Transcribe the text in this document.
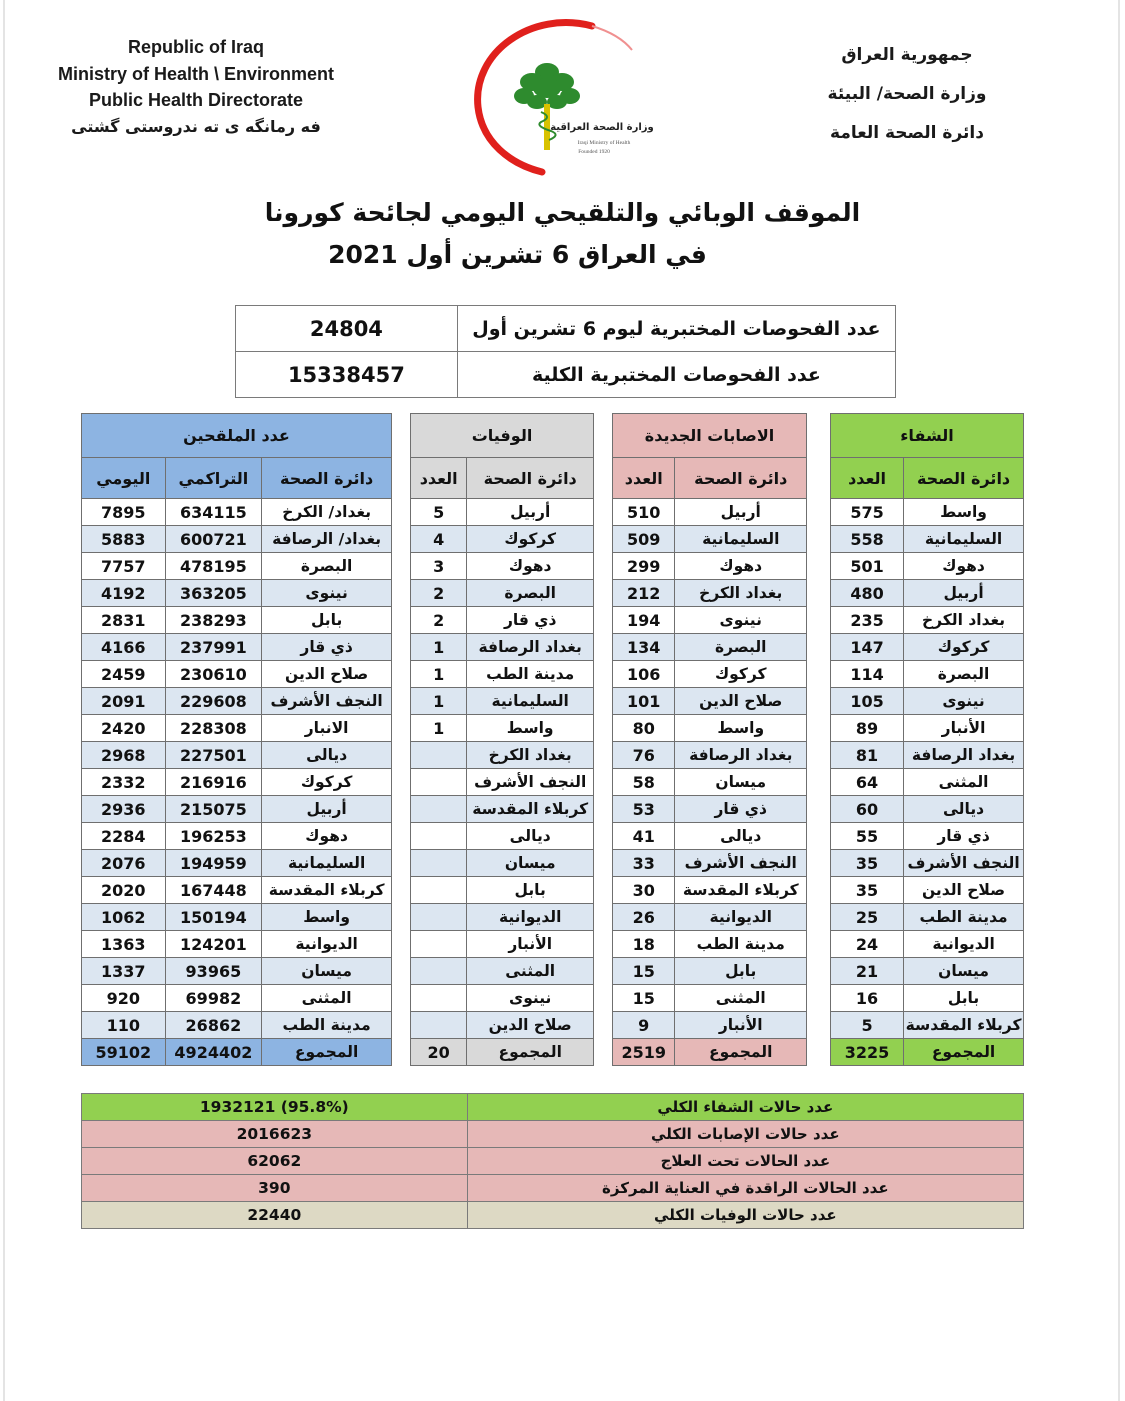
Republic of Iraq
Ministry of Health \ Environment
Public Health Directorate
فه رمانگه ى ته ندروستى گشتى	وزارة الصحة العراقية
Iraqi Ministry of Health
Founded 1920
جمهورية العراق
وزارة الصحة/ البيئة
دائرة الصحة العامة
الموقف الوبائي والتلقيحي اليومي لجائحة كورونا
في العراق 6 تشرين أول 2021
عدد الفحوصات المختبرية ليوم 6 تشرين أول	24804
عدد الفحوصات المختبرية الكلية	15338457
الشفاء	
دائرة الصحة	العدد
واسط	575
السليمانية	558
دهوك	501
أربيل	480
بغداد الكرخ	235
كركوك	147
البصرة	114
نينوى	105
الأنبار	89
بغداد الرصافة	81
المثنى	64
ديالى	60
ذي قار	55
النجف الأشرف	35
صلاح الدين	35
مدينة الطب	25
الديوانية	24
ميسان	21
بابل	16
كربلاء المقدسة	5
المجموع	3225
الاصابات الجديدة	
دائرة الصحة	العدد
أربيل	510
السليمانية	509
دهوك	299
بغداد الكرخ	212
نينوى	194
البصرة	134
كركوك	106
صلاح الدين	101
واسط	80
بغداد الرصافة	76
ميسان	58
ذي قار	53
ديالى	41
النجف الأشرف	33
كربلاء المقدسة	30
الديوانية	26
مدينة الطب	18
بابل	15
المثنى	15
الأنبار	9
المجموع	2519
الوفيات	
دائرة الصحة	العدد
أربيل	5
كركوك	4
دهوك	3
البصرة	2
ذي قار	2
بغداد الرصافة	1
مدينة الطب	1
السليمانية	1
واسط	1
بغداد الكرخ	
النجف الأشرف	
كربلاء المقدسة	
ديالى	
ميسان	
بابل	
الديوانية	
الأنبار	
المثنى	
نينوى	
صلاح الدين	
المجموع	20
عدد الملقحين		
دائرة الصحة	التراكمي	اليومي
بغداد/ الكرخ	634115	7895
بغداد/ الرصافة	600721	5883
البصرة	478195	7757
نينوى	363205	4192
بابل	238293	2831
ذي قار	237991	4166
صلاح الدين	230610	2459
النجف الأشرف	229608	2091
الانبار	228308	2420
ديالى	227501	2968
كركوك	216916	2332
أربيل	215075	2936
دهوك	196253	2284
السليمانية	194959	2076
كربلاء المقدسة	167448	2020
واسط	150194	1062
الديوانية	124201	1363
ميسان	93965	1337
المثنى	69982	920
مدينة الطب	26862	110
المجموع	4924402	59102
عدد حالات الشفاء الكلي	(95.8%) 1932121
عدد حالات الإصابات الكلي	2016623
عدد الحالات تحت العلاج	62062
عدد الحالات الراقدة في العناية المركزة	390
عدد حالات الوفيات الكلي	22440
